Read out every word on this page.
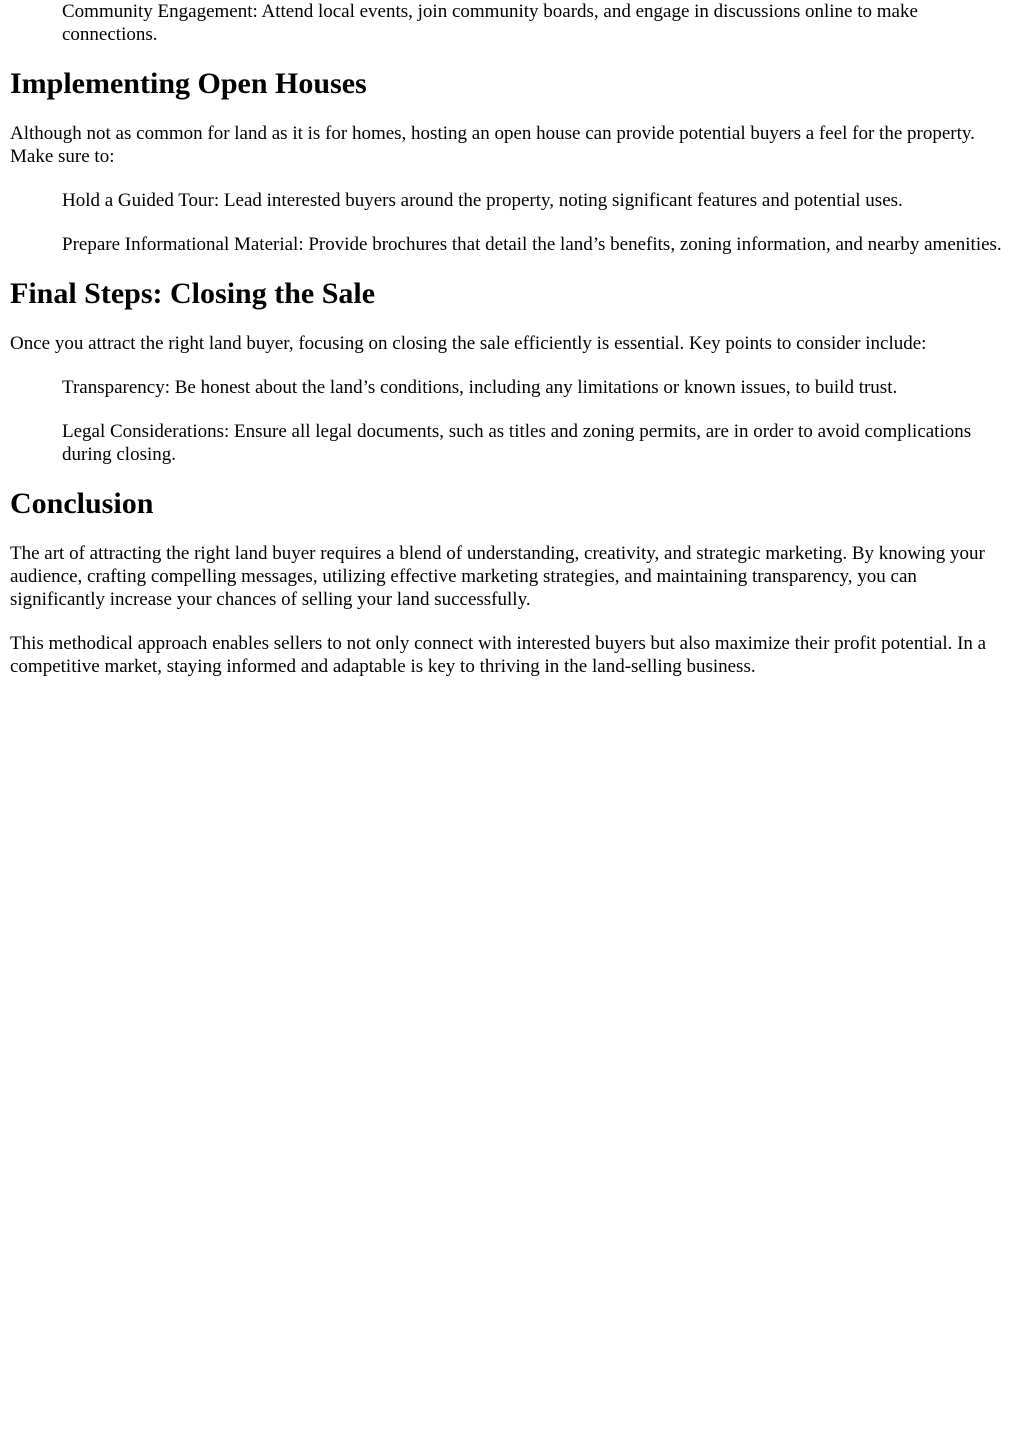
Community Engagement: Attend local events, join community boards, and engage in discussions online to make connections.
Implementing Open Houses

Although not as common for land as it is for homes, hosting an open house can provide potential buyers a feel for the property. Make sure to:

Hold a Guided Tour: Lead interested buyers around the property, noting significant features and potential uses.
Prepare Informational Material: Provide brochures that detail the land’s benefits, zoning information, and nearby amenities.
Final Steps: Closing the Sale

Once you attract the right land buyer, focusing on closing the sale efficiently is essential. Key points to consider include:

Transparency: Be honest about the land’s conditions, including any limitations or known issues, to build trust.
Legal Considerations: Ensure all legal documents, such as titles and zoning permits, are in order to avoid complications during closing.
Conclusion

The art of attracting the right land buyer requires a blend of understanding, creativity, and strategic marketing. By knowing your audience, crafting compelling messages, utilizing effective marketing strategies, and maintaining transparency, you can significantly increase your chances of selling your land successfully.

This methodical approach enables sellers to not only connect with interested buyers but also maximize their profit potential. In a competitive market, staying informed and adaptable is key to thriving in the land-selling business.
